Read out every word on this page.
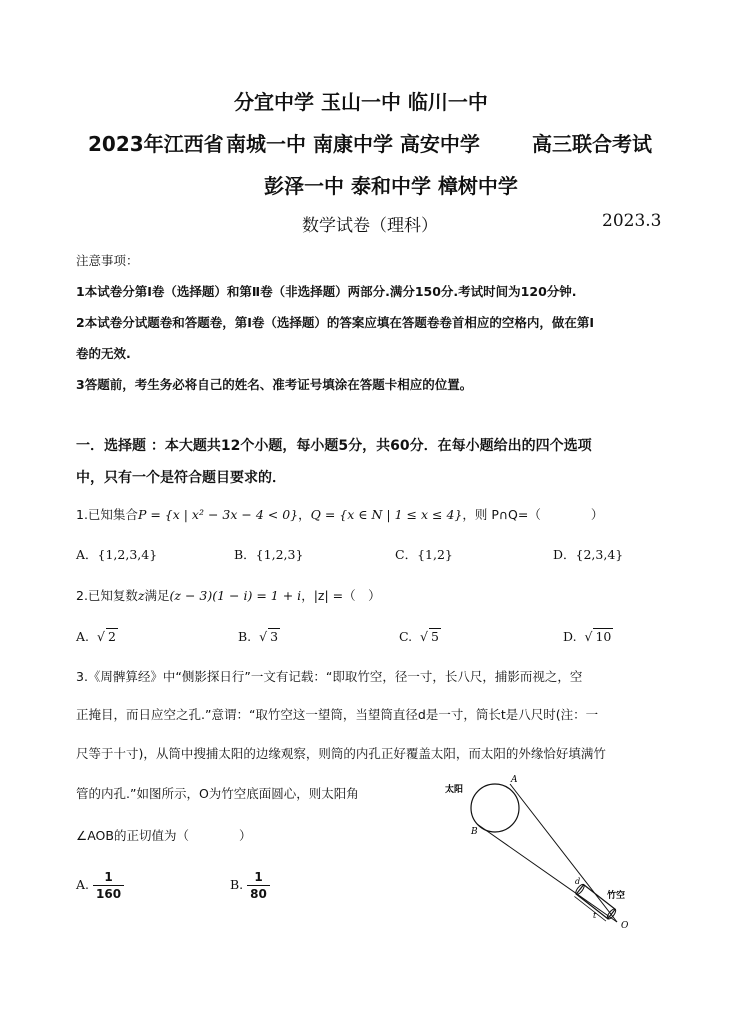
分宜中学 玉山一中 临川一中
2023年江西省 南城一中 南康中学 高安中学	高三联合考试
彭泽一中 泰和中学 樟树中学
数学试卷（理科）	2023.3
注意事项：
1本试卷分第Ⅰ卷（选择题）和第Ⅱ卷（非选择题）两部分.满分150分.考试时间为120分钟.
2本试卷分试题卷和答题卷，第Ⅰ卷（选择题）的答案应填在答题卷卷首相应的空格内，做在第Ⅰ
卷的无效.
3答题前，考生务必将自己的姓名、准考证号填涂在答题卡相应的位置。
一．选择题 ：本大题共12个小题，每小题5分，共60分．在每小题给出的四个选项
中，只有一个是符合题目要求的．
1.已知集合P = {x | x² − 3x − 4 < 0}，Q = {x ∈ N | 1 ≤ x ≤ 4}，则 P∩Q=（　　　　）
A．{1,2,3,4}	B．{1,2,3}	C．{1,2}	D．{2,3,4}
2.已知复数z满足(z − 3)(1 − i) = 1 + i，|z| =（　）
A.  √ 2	B.  √ 3	C.  √ 5	D.  √ 10
3.《周髀算经》中“侧影探日行”一文有记载：“即取竹空，径一寸，长八尺，捕影而视之，空
正掩目，而日应空之孔.”意谓：“取竹空这一望筒，当望筒直径d是一寸，筒长t是八尺时(注：一
尺等于十寸)，从筒中搜捕太阳的边缘观察，则筒的内孔正好覆盖太阳，而太阳的外缘恰好填满竹
管的内孔.”如图所示，O为竹空底面圆心，则太阳角
∠AOB的正切值为（　　　　）
A. $\frac{1}{160}$	B. $\frac{1}{80}$
太阳
A
B
d
t
竹空
O
